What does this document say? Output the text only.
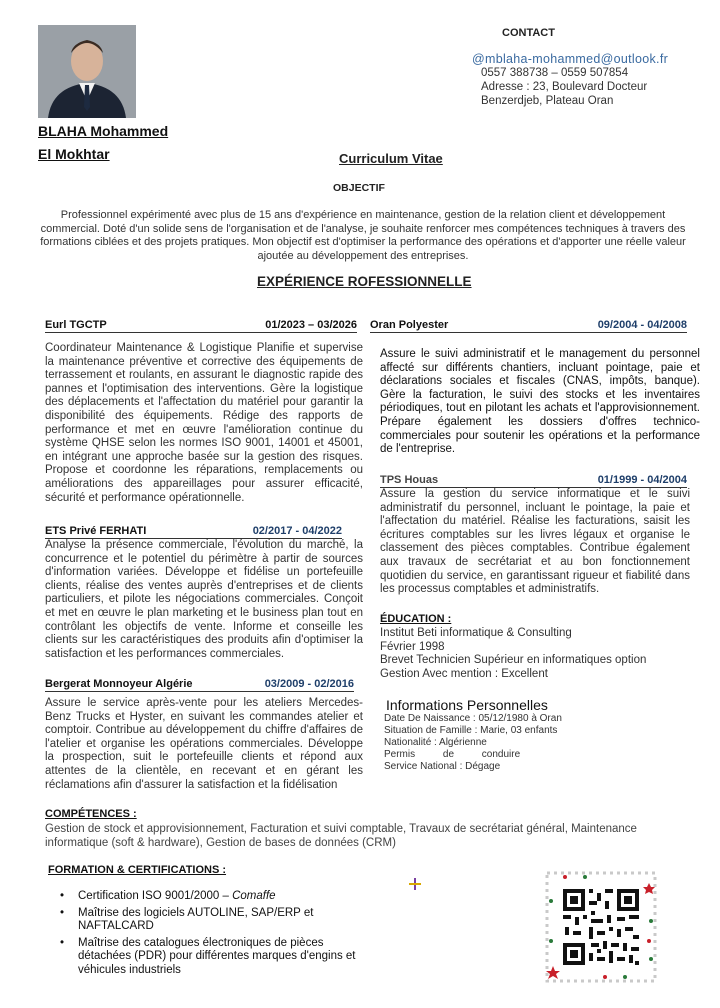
BLAHA Mohammed
El Mokhtar
CONTACT
@mblaha-mohammed@outlook.fr
0557 388738 – 0559 507854
Adresse : 23, Boulevard Docteur
Benzerdjeb, Plateau Oran
Curriculum Vitae
OBJECTIF
Professionnel expérimenté avec plus de 15 ans d'expérience en maintenance, gestion de la relation client et développement commercial. Doté d'un solide sens de l'organisation et de l'analyse, je souhaite renforcer mes compétences techniques à travers des formations ciblées et des projets pratiques. Mon objectif est d'optimiser la performance des opérations et d'apporter une réelle valeur ajoutée au développement des entreprises.
EXPÉRIENCE ROFESSIONNELLE
Eurl TGCTP	01/2023 – 03/2026
Coordinateur Maintenance & Logistique Planifie et supervise la maintenance préventive et corrective des équipements de terrassement et roulants, en assurant le diagnostic rapide des pannes et l'optimisation des interventions. Gère la logistique des déplacements et l'affectation du matériel pour garantir la disponibilité des équipements. Rédige des rapports de performance et met en œuvre l'amélioration continue du système QHSE selon les normes ISO 9001, 14001 et 45001, en intégrant une approche basée sur la gestion des risques. Propose et coordonne les réparations, remplacements ou améliorations des appareillages pour assurer efficacité, sécurité et performance opérationnelle.
ETS Privé FERHATI	02/2017 - 04/2022
Analyse la présence commerciale, l'évolution du marché, la concurrence et le potentiel du périmètre à partir de sources d'information variées. Développe et fidélise un portefeuille clients, réalise des ventes auprès d'entreprises et de clients particuliers, et pilote les négociations commerciales. Conçoit et met en œuvre le plan marketing et le business plan tout en contrôlant les objectifs de vente. Informe et conseille les clients sur les caractéristiques des produits afin d'optimiser la satisfaction et les performances commerciales.
Bergerat Monnoyeur Algérie	03/2009 - 02/2016
Assure le service après-vente pour les ateliers Mercedes-Benz Trucks et Hyster, en suivant les commandes atelier et comptoir. Contribue au développement du chiffre d'affaires de l'atelier et organise les opérations commerciales. Développe la prospection, suit le portefeuille clients et répond aux attentes de la clientèle, en recevant et en gérant les réclamations afin d'assurer la satisfaction et la fidélisation
Oran Polyester	09/2004 - 04/2008
Assure le suivi administratif et le management du personnel affecté sur différents chantiers, incluant pointage, paie et déclarations sociales et fiscales (CNAS, impôts, banque). Gère la facturation, le suivi des stocks et les inventaires périodiques, tout en pilotant les achats et l'approvisionnement. Prépare également les dossiers d'offres technico-commerciales pour soutenir les opérations et la performance de l'entreprise.
TPS Houas	01/1999 - 04/2004
Assure la gestion du service informatique et le suivi administratif du personnel, incluant le pointage, la paie et l'affectation du matériel. Réalise les facturations, saisit les écritures comptables sur les livres légaux et organise le classement des pièces comptables. Contribue également aux travaux de secrétariat et au bon fonctionnement quotidien du service, en garantissant rigueur et fiabilité dans les processus comptables et administratifs.
ÉDUCATION :
Institut Beti informatique & Consulting
Février 1998
Brevet Technicien Supérieur en informatiques option
Gestion Avec mention : Excellent
Informations Personnelles
Date De Naissance : 05/12/1980 à Oran
Situation de Famille : Marie, 03 enfants
Nationalité : Algérienne
Permis          de          conduire
Service National : Dégage
COMPÉTENCES :
Gestion de stock et approvisionnement, Facturation et suivi comptable, Travaux de secrétariat général, Maintenance informatique (soft & hardware), Gestion de bases de données (CRM)
FORMATION & CERTIFICATIONS :
• Certification ISO 9001/2000 – Comaffe
• Maîtrise des logiciels AUTOLINE, SAP/ERP et NAFTALCARD
• Maîtrise des catalogues électroniques de pièces détachées (PDR) pour différentes marques d'engins et véhicules industriels
